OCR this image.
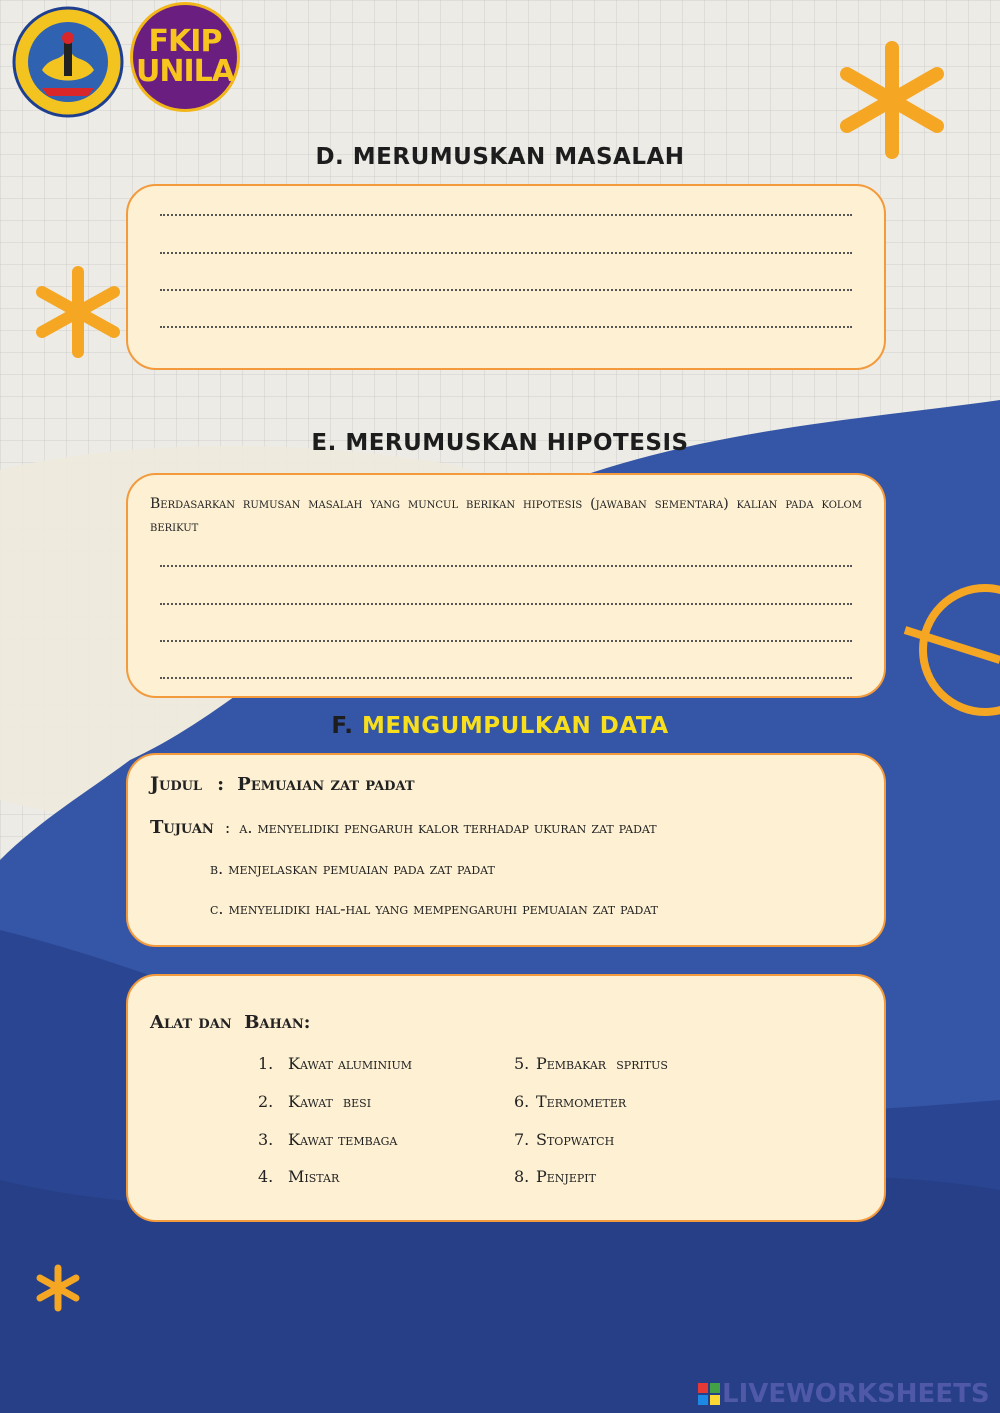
FKIP
UNILA
D. MERUMUSKAN MASALAH
E. MERUMUSKAN HIPOTESIS
Berdasarkan rumusan masalah yang muncul berikan hipotesis (jawaban sementara) kalian pada kolom berikut
F. MENGUMPULKAN DATA
Judul : Pemuaian zat padat
Tujuan : a. menyelidiki pengaruh kalor terhadap ukuran zat padat
b. menjelaskan pemuaian pada zat padat
c. menyelidiki hal-hal yang mempengaruhi pemuaian zat padat
Alat dan  Bahan:
1. Kawat aluminium
2. Kawat  besi
3. Kawat tembaga
4. Mistar
5. Pembakar  spritus
6. Termometer
7. Stopwatch
8. Penjepit
LIVEWORKSHEETS
